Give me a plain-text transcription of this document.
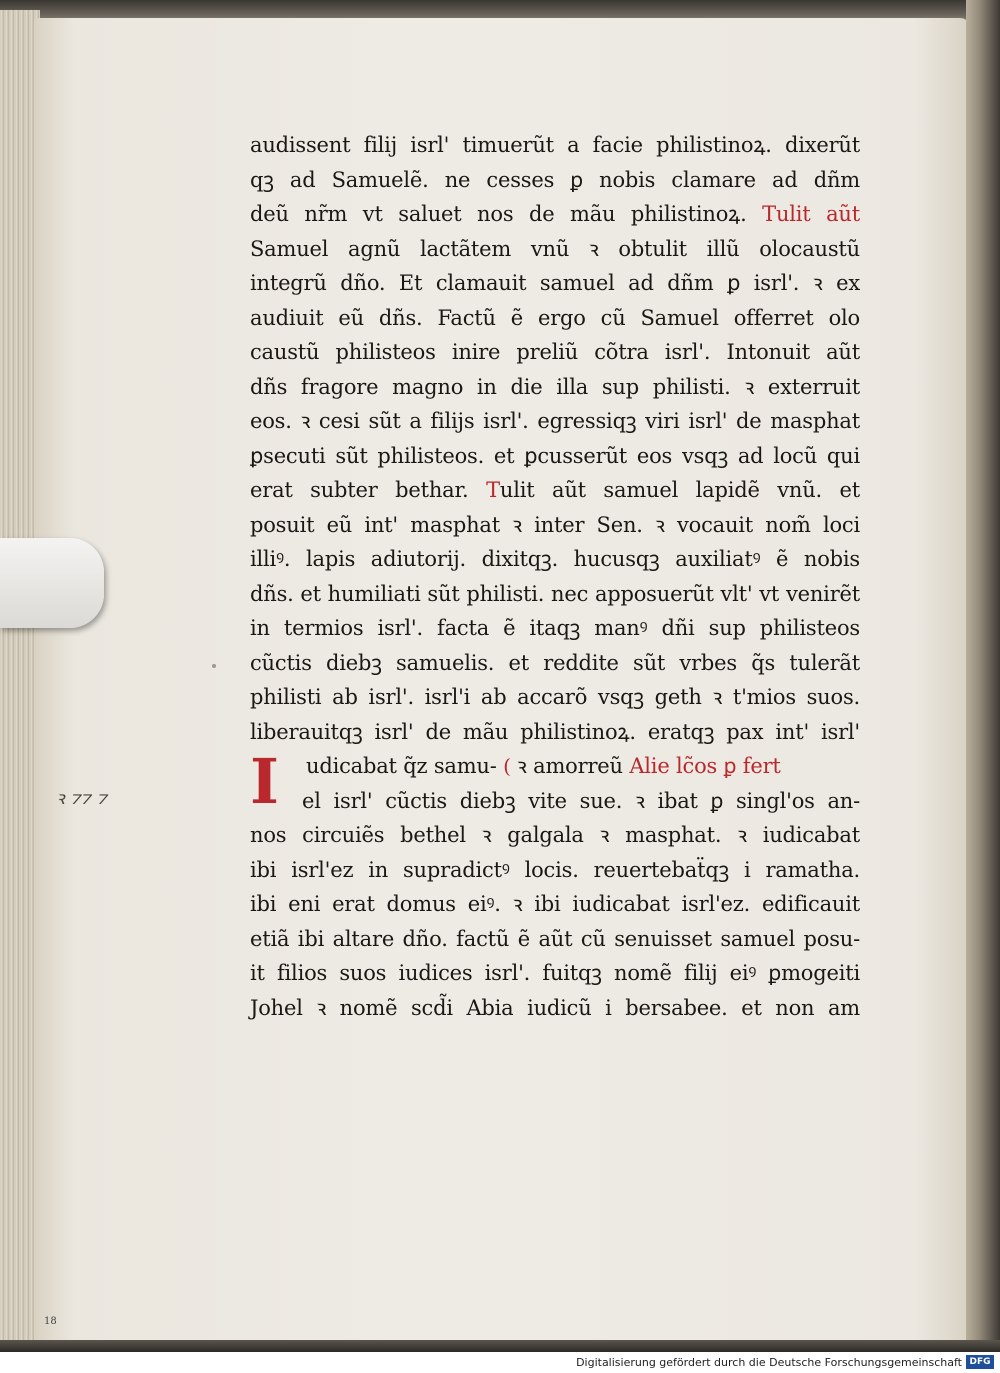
ꝛ ⁊⁊ ⁊
audissent filij isrl' timuerũt a facie philistinoꝝ. dixerũt
qꝫ ad Samuelẽ. ne cesses ꝑ nobis clamare ad dñm
deũ nr̃m vt saluet nos de mãu philistinoꝝ. Tulit aũt
Samuel agnũ lactãtem vnũ ꝛ obtulit illũ olocaustũ
integrũ dño. Et clamauit samuel ad dñm ꝑ isrl'. ꝛ ex
audiuit eũ dñs. Factũ ẽ ergo cũ Samuel offerret olo
caustũ philisteos inire preliũ cõtra isrl'. Intonuit aũt
dñs fragore magno in die illa sup philisti. ꝛ exterruit
eos. ꝛ cesi sũt a filijs isrl'. egressiqꝫ viri isrl' de masphat
ꝑsecuti sũt philisteos. et ꝑcusserũt eos vsqꝫ ad locũ qui
erat subter bethar. Tulit aũt samuel lapidẽ vnũ. et
posuit eũ int' masphat ꝛ inter Sen. ꝛ vocauit nom̃ loci
illiꝰ. lapis adiutorij. dixitqꝫ. hucusqꝫ auxiliatꝰ ẽ nobis
dñs. et humiliati sũt philisti. nec apposuerũt vlt' vt venirẽt
in termios isrl'. facta ẽ itaqꝫ manꝰ dñi sup philisteos
cũctis diebꝫ samuelis. et reddite sũt vrbes q̃s tulerãt
philisti ab isrl'. isrl'i ab accarõ vsqꝫ geth ꝛ t'mios suos.
liberauitqꝫ isrl' de mãu philistinoꝝ. eratqꝫ pax int' isrl'
I	udicabat q̃z samu- ( ꝛ amorreũ Alie lc̃os ꝑ fert
el isrl' cũctis diebꝫ vite sue. ꝛ ibat ꝑ singl'os an-
nos circuiẽs bethel ꝛ galgala ꝛ masphat. ꝛ iudicabat
ibi isrl'ez in supradictꝰ locis. reuertebaẗqꝫ i ramatha.
ibi eni erat domus eiꝰ. ꝛ ibi iudicabat isrl'ez. edificauit
etiã ibi altare dño. factũ ẽ aũt cũ senuisset samuel posu-
it filios suos iudices isrl'. fuitqꝫ nomẽ filij eiꝰ ꝑmogeiti
Johel ꝛ nomẽ scd̃i Abia iudicũ i bersabee. et non am
18
Digitalisierung gefördert durch die Deutsche Forschungsgemeinschaft DFG
